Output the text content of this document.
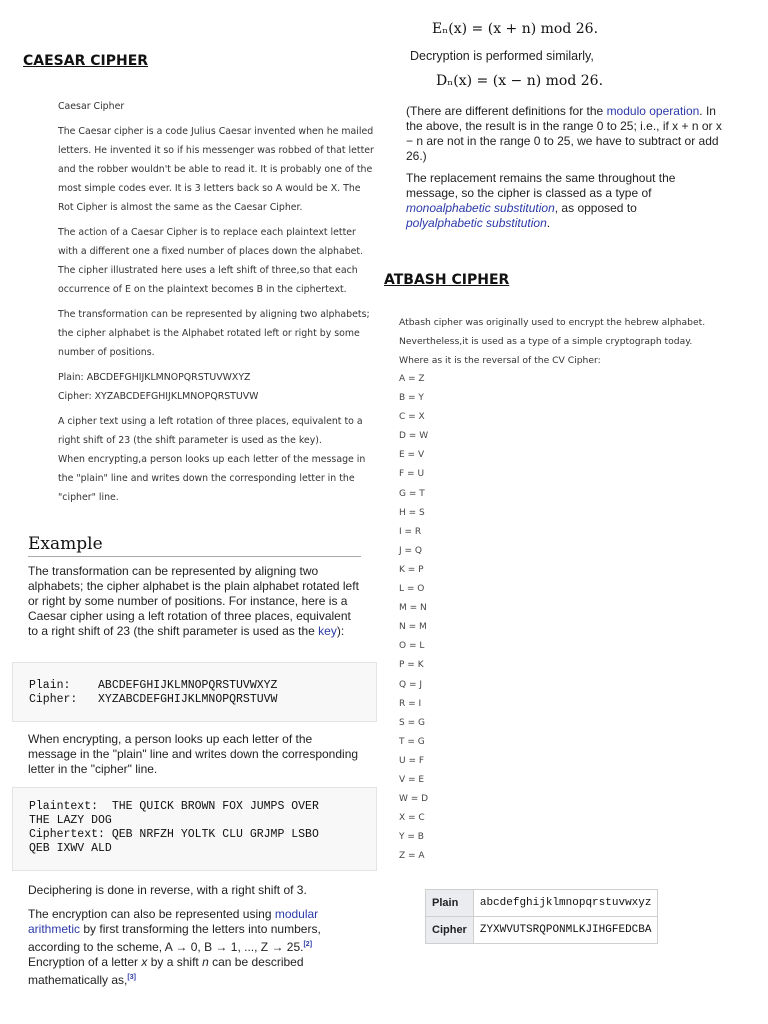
CAESAR CIPHER

Caesar Cipher

The Caesar cipher is a code Julius Caesar invented when he mailed letters. He invented it so if his messenger was robbed of that letter and the robber wouldn't be able to read it. It is probably one of the most simple codes ever. It is 3 letters back so A would be X. The Rot Cipher is almost the same as the Caesar Cipher.

The action of a Caesar Cipher is to replace each plaintext letter with a different one a fixed number of places down the alphabet. The cipher illustrated here uses a left shift of three,so that each occurrence of E on the plaintext becomes B in the ciphertext.

The transformation can be represented by aligning two alphabets; the cipher alphabet is the Alphabet rotated left or right by some number of positions.

Plain: ABCDEFGHIJKLMNOPQRSTUVWXYZ
Cipher: XYZABCDEFGHIJKLMNOPQRSTUVW
A cipher text using a left rotation of three places, equivalent to a right shift of 23 (the shift parameter is used as the key).
When encrypting,a person looks up each letter of the message in the "plain" line and writes down the corresponding letter in the "cipher" line.
Example
The transformation can be represented by aligning two alphabets; the cipher alphabet is the plain alphabet rotated left or right by some number of positions. For instance, here is a Caesar cipher using a left rotation of three places, equivalent to a right shift of 23 (the shift parameter is used as the key):
Plain:    ABCDEFGHIJKLMNOPQRSTUVWXYZ
Cipher:   XYZABCDEFGHIJKLMNOPQRSTUVW
When encrypting, a person looks up each letter of the message in the "plain" line and writes down the corresponding letter in the "cipher" line.
Plaintext:  THE QUICK BROWN FOX JUMPS OVER
THE LAZY DOG
Ciphertext: QEB NRFZH YOLTK CLU GRJMP LSBO
QEB IXWV ALD
Deciphering is done in reverse, with a right shift of 3.
The encryption can also be represented using modular arithmetic by first transforming the letters into numbers, according to the scheme, A → 0, B → 1, ..., Z → 25.[2] Encryption of a letter x by a shift n can be described mathematically as,[3]
Eₙ(x) = (x + n) mod 26.
Decryption is performed similarly,
Dₙ(x) = (x − n) mod 26.
(There are different definitions for the modulo operation. In the above, the result is in the range 0 to 25; i.e., if x + n or x − n are not in the range 0 to 25, we have to subtract or add 26.)
The replacement remains the same throughout the message, so the cipher is classed as a type of monoalphabetic substitution, as opposed to polyalphabetic substitution.
ATBASH CIPHER
Atbash cipher was originally used to encrypt the hebrew alphabet.
Nevertheless,it is used as a type of a simple cryptograph today.
Where as it is the reversal of the CV Cipher:
A = Z
B = Y
C = X
D = W
E = V
F = U
G = T
H = S
I = R
J = Q
K = P
L = O
M = N
N = M
O = L
P = K
Q = J
R = I
S = G
T = G
U = F
V = E
W = D
X = C
Y = B
Z = A
Plain	abcdefghijklmnopqrstuvwxyz
Cipher	ZYXWVUTSRQPONMLKJIHGFEDCBA
